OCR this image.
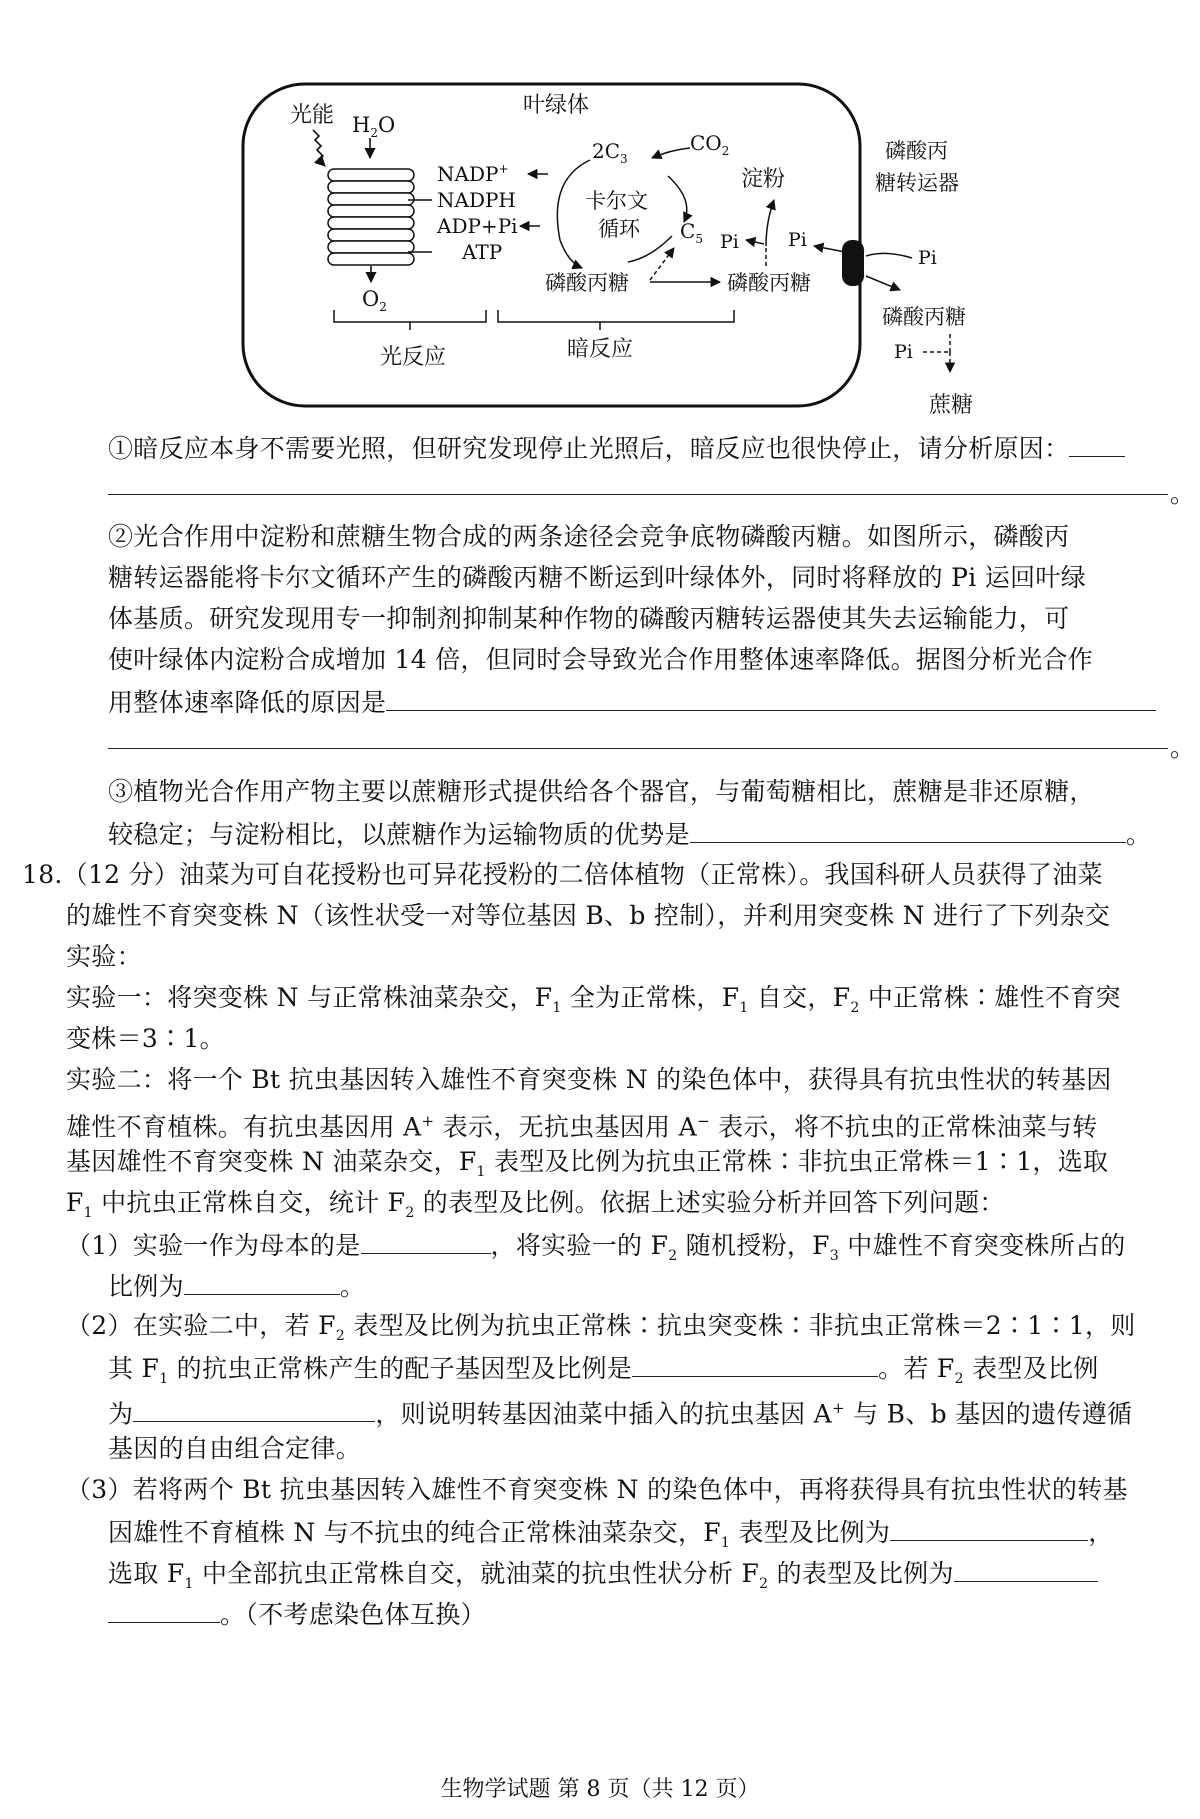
叶绿体
光能 $H_2O$
$O_2$
NADP+
NADPH
ADP+Pi
ATP
$2C_3$
$CO_2$
卡尔文
循环 $C_5$
磷酸丙糖	磷酸丙糖
淀粉
Pi	Pi
磷酸丙
糖转运器
Pi
磷酸丙糖
Pi
蔗糖
光反应	暗反应
①暗反应本身不需要光照，但研究发现停止光照后，暗反应也很快停止，请分析原因：
。
②光合作用中淀粉和蔗糖生物合成的两条途径会竞争底物磷酸丙糖。如图所示，磷酸丙
糖转运器能将卡尔文循环产生的磷酸丙糖不断运到叶绿体外，同时将释放的 Pi 运回叶绿
体基质。研究发现用专一抑制剂抑制某种作物的磷酸丙糖转运器使其失去运输能力，可
使叶绿体内淀粉合成增加 14 倍，但同时会导致光合作用整体速率降低。据图分析光合作
用整体速率降低的原因是
。
③植物光合作用产物主要以蔗糖形式提供给各个器官，与葡萄糖相比，蔗糖是非还原糖，
较稳定；与淀粉相比，以蔗糖作为运输物质的优势是	。
18.（12 分）油菜为可自花授粉也可异花授粉的二倍体植物（正常株）。我国科研人员获得了油菜
的雄性不育突变株 N（该性状受一对等位基因 B、b 控制），并利用突变株 N 进行了下列杂交
实验：
实验一：将突变株 N 与正常株油菜杂交，$F_1$ 全为正常株，$F_1$ 自交，$F_2$ 中正常株∶雄性不育突
变株＝3∶1。
实验二：将一个 Bt 抗虫基因转入雄性不育突变株 N 的染色体中，获得具有抗虫性状的转基因
雄性不育植株。有抗虫基因用 A+ 表示，无抗虫基因用 A− 表示，将不抗虫的正常株油菜与转
基因雄性不育突变株 N 油菜杂交，$F_1$ 表型及比例为抗虫正常株∶非抗虫正常株＝1∶1，选取
$F_1$ 中抗虫正常株自交，统计 $F_2$ 的表型及比例。依据上述实验分析并回答下列问题：
（1）实验一作为母本的是	，将实验一的 $F_2$ 随机授粉，$F_3$ 中雄性不育突变株所占的
比例为	。
（2）在实验二中，若 $F_2$ 表型及比例为抗虫正常株∶抗虫突变株∶非抗虫正常株＝2∶1∶1，则
其 $F_1$ 的抗虫正常株产生的配子基因型及比例是	。若 $F_2$ 表型及比例
为	，则说明转基因油菜中插入的抗虫基因 A+ 与 B、b 基因的遗传遵循
基因的自由组合定律。
（3）若将两个 Bt 抗虫基因转入雄性不育突变株 N 的染色体中，再将获得具有抗虫性状的转基
因雄性不育植株 N 与不抗虫的纯合正常株油菜杂交，$F_1$ 表型及比例为	，
选取 $F_1$ 中全部抗虫正常株自交，就油菜的抗虫性状分析 $F_2$ 的表型及比例为
。（不考虑染色体互换）
生物学试题 第 8 页（共 12 页）
